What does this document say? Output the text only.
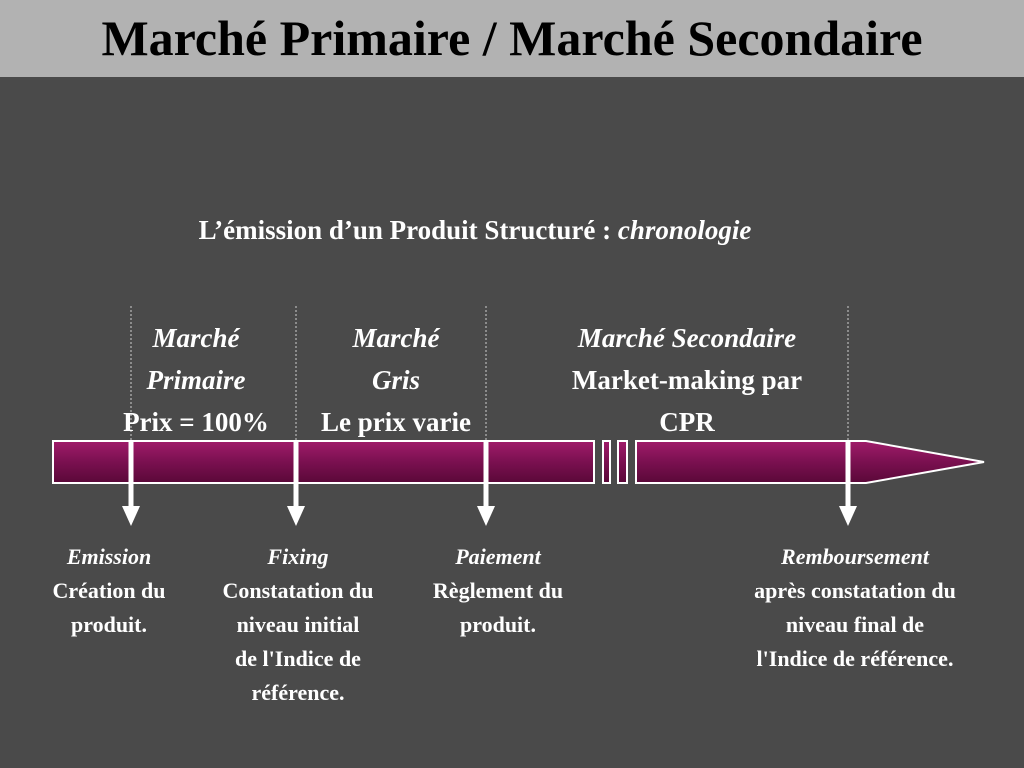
Marché Primaire / Marché Secondaire
L’émission d’un Produit Structuré : chronologie
Marché
Primaire
Prix = 100%
Marché
Gris
Le prix varie
Marché Secondaire
Market-making par
CPR
Emission
Création du
produit.
Fixing
Constatation du
niveau initial
de l'Indice de
référence.
Paiement
Règlement du
produit.
Remboursement
après constatation du
niveau final de
l'Indice de référence.
